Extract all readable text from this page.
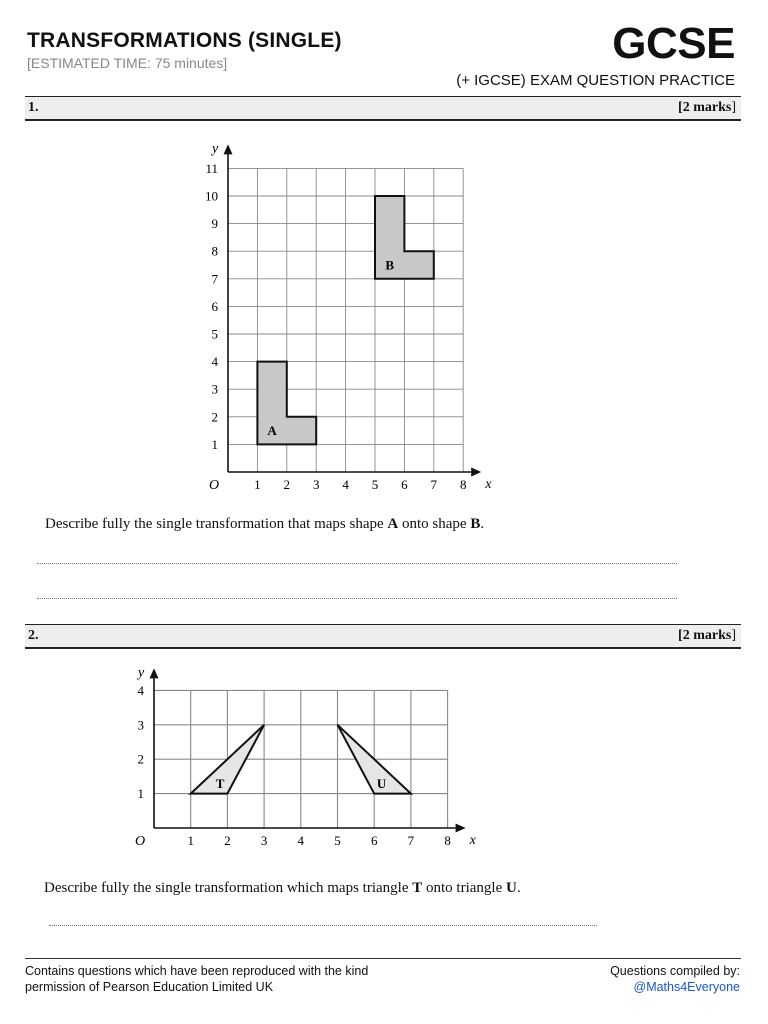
TRANSFORMATIONS (SINGLE)
[ESTIMATED TIME: 75 minutes]	GCSE
(+ IGCSE) EXAM QUESTION PRACTICE
1.	[2 marks]
A
B
1 2 3 4 5 6 7 8
1
2
3
4
5
6
7
8
9
10
11
O	x
y
Describe fully the single transformation that maps shape A onto shape B.
2.	[2 marks]
T	U
1 2 3 4 5 6 7 8
1
2
3
4
O	x
y
Describe fully the single transformation which maps triangle T onto triangle U.
Contains questions which have been reproduced with the kind
permission of Pearson Education Limited UK
Questions compiled by:
@Maths4Everyone
